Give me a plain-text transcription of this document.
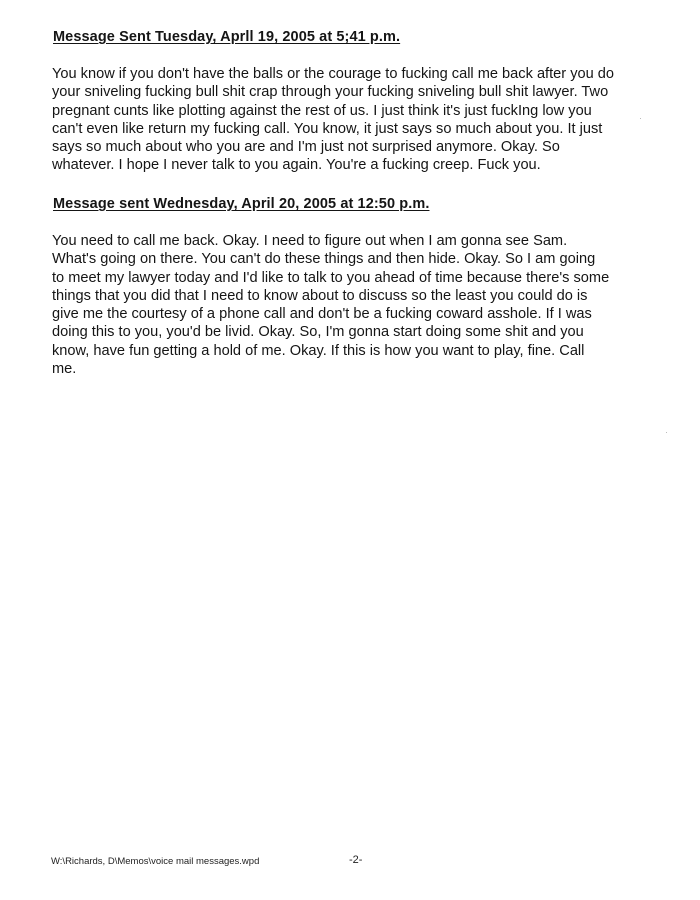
Message Sent Tuesday, Aprll 19, 2005 at 5;41 p.m.
You know if you don't have the balls or the courage to fucking call me back after you do
your sniveling fucking bull shit crap through your fucking sniveling bull shit lawyer. Two
pregnant cunts like plotting against the rest of us. I just think it's just fuckIng low you
can't even like return my fucking call. You know, it just says so much about you. It just
says so much about who you are and I'm just not surprised anymore. Okay. So
whatever. I hope I never talk to you again. You're a fucking creep. Fuck you.
Message sent Wednesday, April 20, 2005 at 12:50 p.m.
You need to call me back. Okay. I need to figure out when I am gonna see Sam.
What's going on there. You can't do these things and then hide. Okay. So I am going
to meet my lawyer today and I'd like to talk to you ahead of time because there's some
things that you did that I need to know about to discuss so the least you could do is
give me the courtesy of a phone call and don't be a fucking coward asshole. If I was
doing this to you, you'd be livid. Okay. So, I'm gonna start doing some shit and you
know, have fun getting a hold of me. Okay. If this is how you want to play, fine. Call
me.
W:\Richards, D\Memos\voice mail messages.wpd	-2-
